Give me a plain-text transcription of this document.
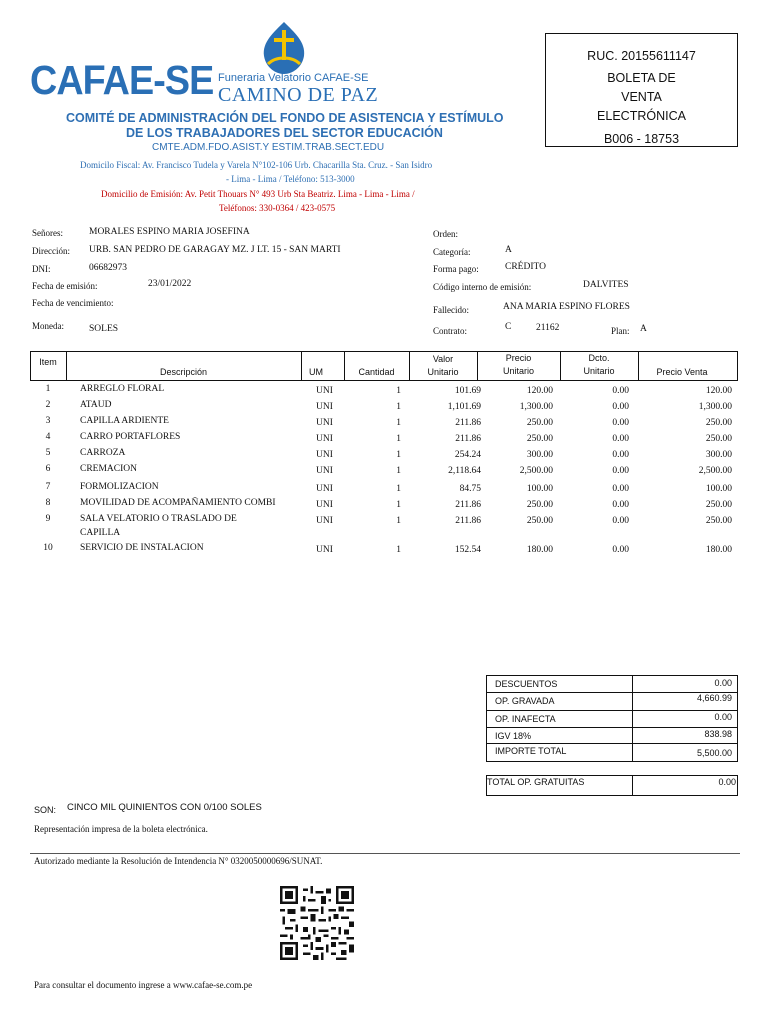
CAFAE-SE Funeraria Velatorio CAFAE-SE
CAMINO DE PAZ
COMITÉ DE ADMINISTRACIÓN DEL FONDO DE ASISTENCIA Y ESTÍMULO
DE LOS TRABAJADORES DEL SECTOR EDUCACIÓN
CMTE.ADM.FDO.ASIST.Y ESTIM.TRAB.SECT.EDU
Domicilo Fiscal: Av. Francisco Tudela y Varela N°102-106 Urb. Chacarilla Sta. Cruz. - San Isidro
- Lima - Lima / Teléfono: 513-3000
Domicilio de Emisión: Av. Petit Thouars N° 493 Urb Sta Beatriz. Lima - Lima - Lima /
Teléfonos: 330-0364 / 423-0575
RUC. 20155611147
BOLETA DE
VENTA
ELECTRÓNICA
B006 - 18753
Señores:	MORALES ESPINO MARIA JOSEFINA
Dirección: URB. SAN PEDRO DE GARAGAY MZ. J LT. 15 - SAN MARTI
DNI:	06682973
Fecha de emisión:	23/01/2022
Fecha de vencimiento:
Moneda:	SOLES
Orden:
Categoría:	A
Forma pago:	CRÉDITO
Código interno de emisión:	DALVITES
Fallecido:	ANA MARIA ESPINO FLORES
Contrato:	C	21162	Plan: A
Item
Descripción	UM	Cantidad
Valor
Unitario
Precio
Unitario
Dcto.
Unitario	Precio Venta
1	ARREGLO FLORAL	UNI	1	101.69	120.00	0.00	120.00
2	ATAUD	UNI	1	1,101.69	1,300.00	0.00	1,300.00
3	CAPILLA ARDIENTE	UNI	1	211.86	250.00	0.00	250.00
4	CARRO PORTAFLORES	UNI	1	211.86	250.00	0.00	250.00
5	CARROZA	UNI	1	254.24	300.00	0.00	300.00
6	CREMACION	UNI	1	2,118.64	2,500.00	0.00	2,500.00
7	FORMOLIZACION	UNI	1	84.75	100.00	0.00	100.00
8	MOVILIDAD DE ACOMPAÑAMIENTO COMBI	UNI	1	211.86	250.00	0.00	250.00
9	SALA VELATORIO O TRASLADO DE	UNI	1	211.86	250.00	0.00	250.00
CAPILLA
10	SERVICIO DE INSTALACION	UNI	1	152.54	180.00	0.00	180.00
DESCUENTOS	0.00
OP. GRAVADA	4,660.99
OP. INAFECTA	0.00
IGV 18%	838.98
IMPORTE TOTAL	5,500.00
TOTAL OP. GRATUITAS	0.00
SON: CINCO MIL QUINIENTOS CON 0/100 SOLES
Representación impresa de la boleta electrónica.
Autorizado mediante la Resolución de Intendencia N° 0320050000696/SUNAT.
Para consultar el documento ingrese a www.cafae-se.com.pe
